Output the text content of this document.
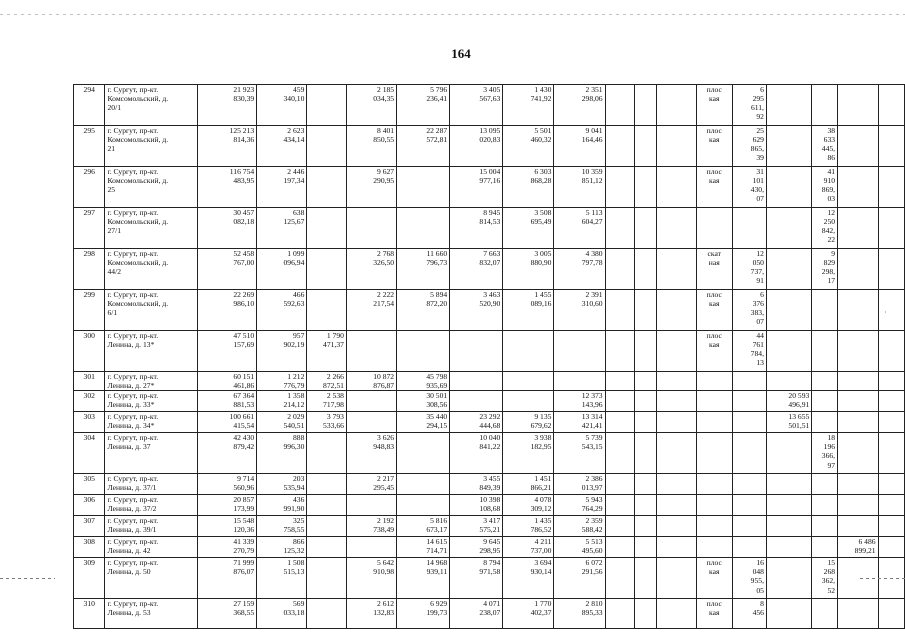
164
294	г. Сургут, пр-кт.
Комсомольский, д.
20/1	21 923
830,39	459
340,10		2 185
034,35	5 796
236,41	3 405
567,63	1 430
741,92	2 351
298,06				плос
кая	6
295
611,
92				
295	г. Сургут, пр-кт.
Комсомольский, д.
21	125 213
814,36	2 623
434,14		8 401
850,55	22 287
572,81	13 095
020,83	5 501
460,32	9 041
164,46				плос
кая	25
629
865,
39		38
633
445,
86		
296	г. Сургут, пр-кт.
Комсомольский, д.
25	116 754
483,95	2 446
197,34		9 627
290,95		15 004
977,16	6 303
868,28	10 359
851,12				плос
кая	31
101
430,
07		41
910
869,
03		
297	г. Сургут, пр-кт.
Комсомольский, д.
27/1	30 457
082,18	638
125,67				8 945
814,53	3 508
695,49	5 113
604,27							12
250
842,
22		
298	г. Сургут, пр-кт.
Комсомольский, д.
44/2	52 458
767,00	1 099
096,94		2 768
326,50	11 660
796,73	7 663
832,07	3 005
880,90	4 380
797,78				скат
ная	12
050
737,
91		9
829
298,
17		
299	г. Сургут, пр-кт.
Комсомольский, д.
6/1	22 269
986,10	466
592,63		2 222
217,54	5 894
872,20	3 463
520,90	1 455
089,16	2 391
310,60				плос
кая	6
376
383,
07				
300	г. Сургут, пр-кт.
Ленина, д. 13*	47 510
157,69	957
902,19	1 790
471,37									плос
кая	44
761
784,
13				
301	г. Сургут, пр-кт.
Ленина, д. 27*	60 151
461,86	1 212
776,79	2 266
872,51	10 872
876,87	45 798
935,69												
302	г. Сургут, пр-кт.
Ленина, д. 33*	67 364
881,53	1 358
214,12	2 538
717,98		30 501
308,56			12 373
143,96						20 593
496,91			
303	г. Сургут, пр-кт.
Ленина, д. 34*	100 661
415,54	2 029
540,51	3 793
533,66		35 440
294,15	23 292
444,68	9 135
679,62	13 314
421,41						13 655
501,51			
304	г. Сургут, пр-кт.
Ленина, д. 37	42 430
879,42	888
996,30		3 626
948,83		10 040
841,22	3 938
182,95	5 739
543,15							18
196
366,
97		
305	г. Сургут, пр-кт.
Ленина, д. 37/1	9 714
560,96	203
535,94		2 217
295,45		3 455
849,39	1 451
866,21	2 386
013,97									
306	г. Сургут, пр-кт.
Ленина, д. 37/2	20 857
173,99	436
991,90				10 398
108,68	4 078
309,12	5 943
764,29									
307	г. Сургут, пр-кт.
Ленина, д. 39/1	15 548
120,36	325
758,55		2 192
738,49	5 816
673,17	3 417
575,21	1 435
786,52	2 359
588,42									
308	г. Сургут, пр-кт.
Ленина, д. 42	41 339
270,79	866
125,32			14 615
714,71	9 645
298,95	4 211
737,00	5 513
495,60								6 486
899,21	
309	г. Сургут, пр-кт.
Ленина, д. 50	71 999
876,07	1 508
515,13		5 642
910,98	14 968
939,11	8 794
971,58	3 694
930,14	6 072
291,56				плос
кая	16
048
955,
05		15
268
362,
52		
310	г. Сургут, пр-кт.
Ленина, д. 53	27 159
368,55	569
033,18		2 612
132,83	6 929
199,73	4 071
238,07	1 770
402,37	2 810
895,33				плос
кая	8
456				
·
